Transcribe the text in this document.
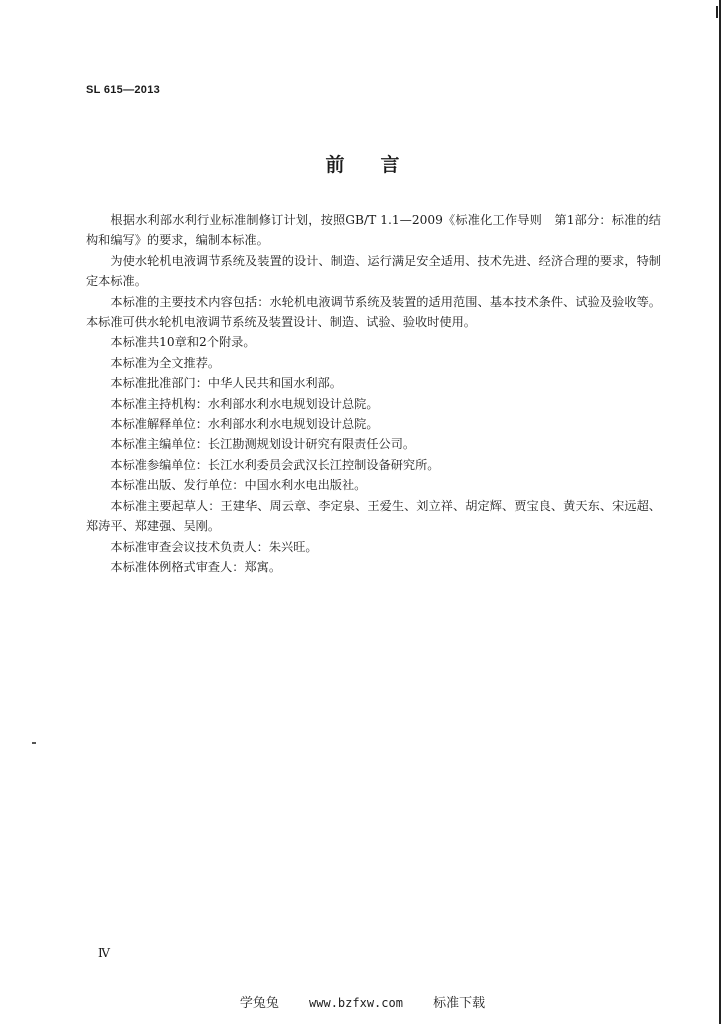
SL 615—2013
前言

根据水利部水利行业标准制修订计划，按照GB/T 1.1—2009《标准化工作导则　第1部分：标准的结构和编写》的要求，编制本标准。

为使水轮机电液调节系统及装置的设计、制造、运行满足安全适用、技术先进、经济合理的要求，特制定本标准。

本标准的主要技术内容包括：水轮机电液调节系统及装置的适用范围、基本技术条件、试验及验收等。本标准可供水轮机电液调节系统及装置设计、制造、试验、验收时使用。

本标准共10章和2个附录。

本标准为全文推荐。

本标准批准部门：中华人民共和国水利部。

本标准主持机构：水利部水利水电规划设计总院。

本标准解释单位：水利部水利水电规划设计总院。

本标准主编单位：长江勘测规划设计研究有限责任公司。

本标准参编单位：长江水利委员会武汉长江控制设备研究所。

本标准出版、发行单位：中国水利水电出版社。

本标准主要起草人：王建华、周云章、李定泉、王爱生、刘立祥、胡定辉、贾宝良、黄天东、宋远超、郑涛平、郑建强、吴刚。

本标准审查会议技术负责人：朱兴旺。

本标准体例格式审查人：郑寓。

Ⅳ
学兔兔	www.bzfxw.com 标准下载
